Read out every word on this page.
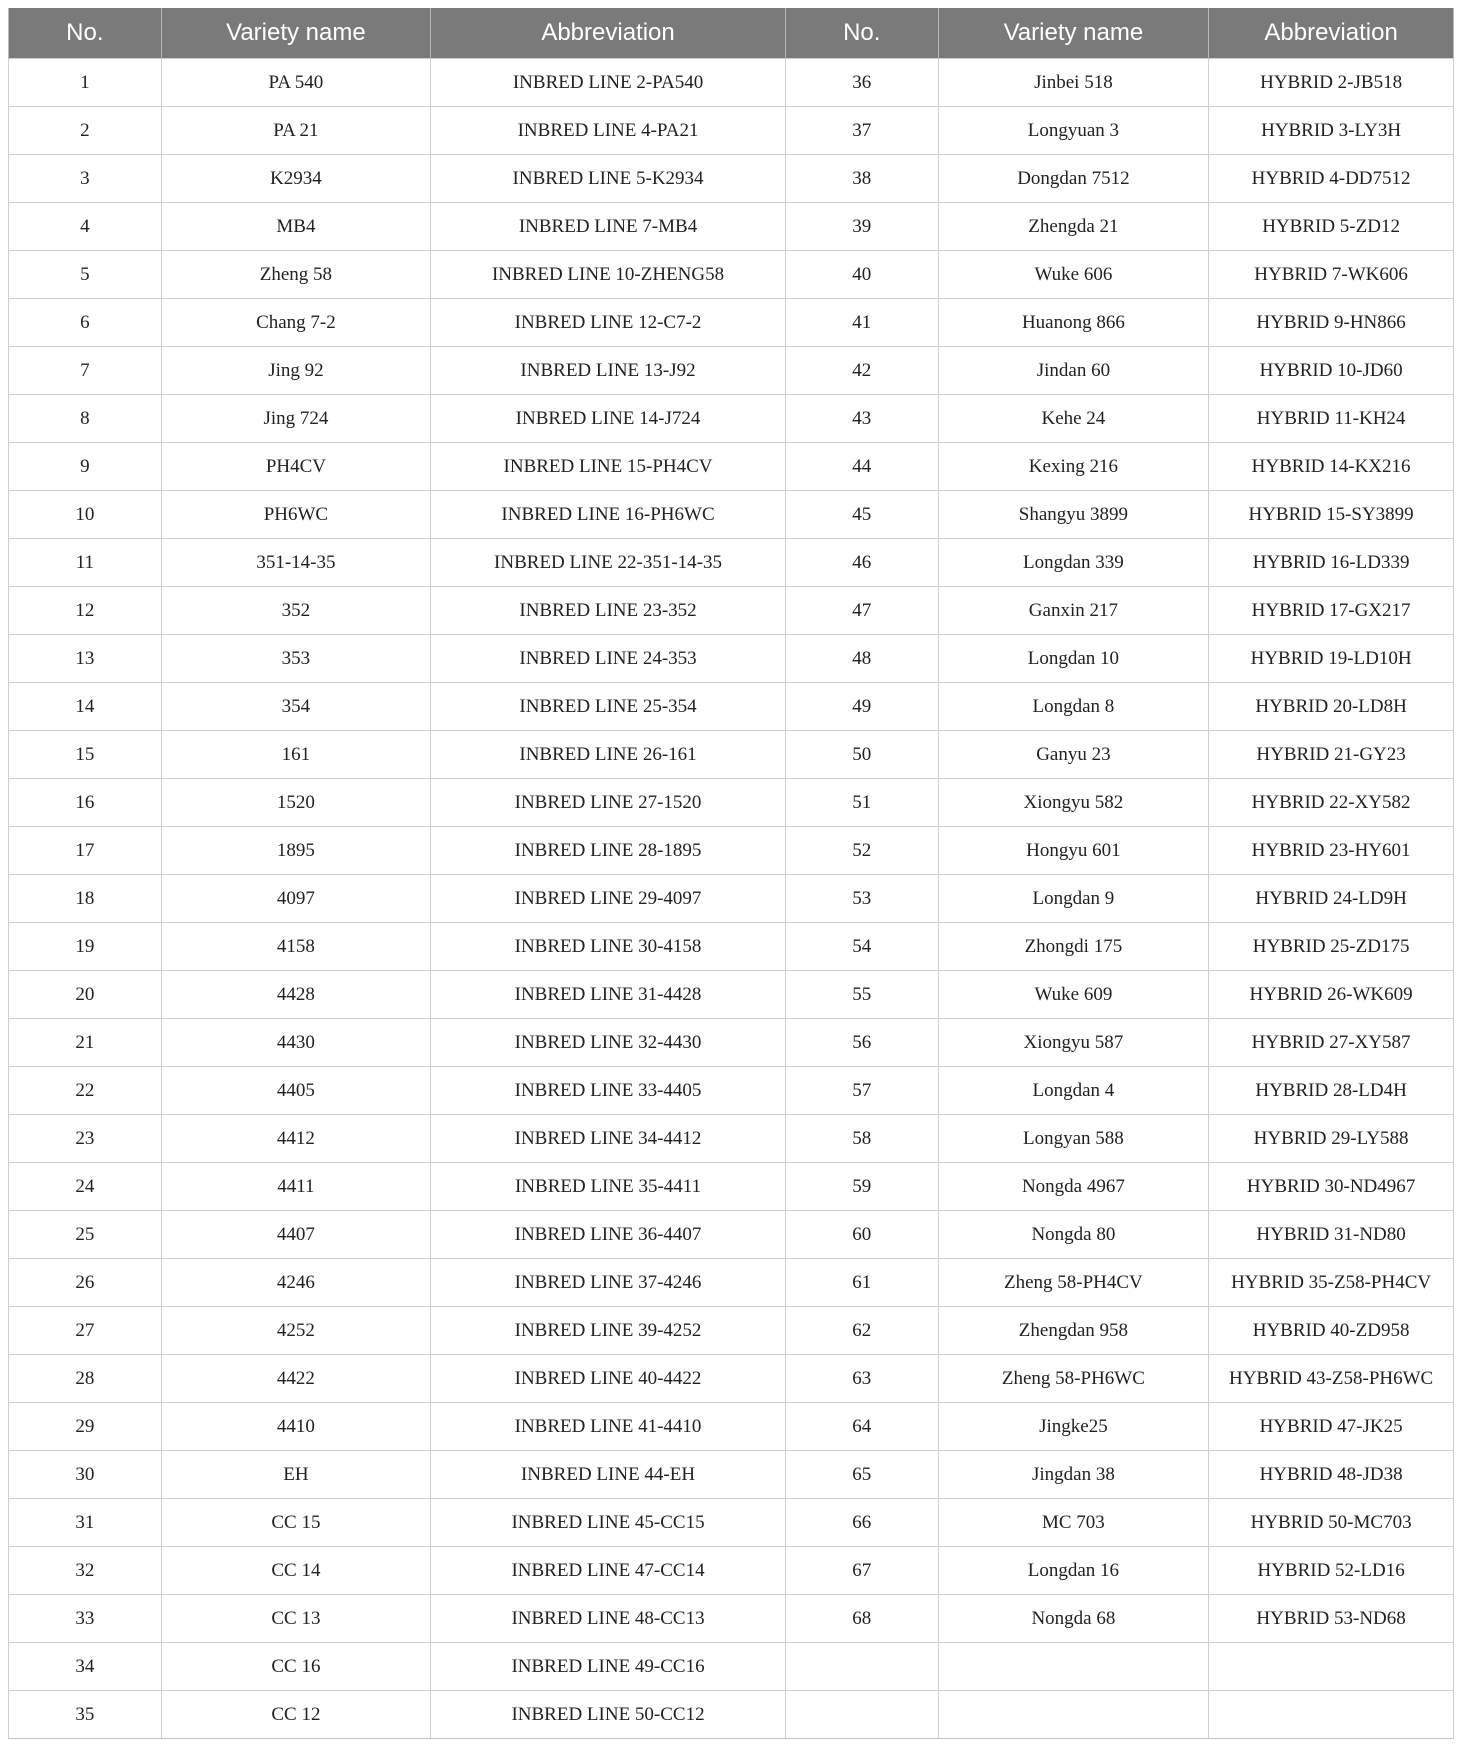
No.	Variety name	Abbreviation	No.	Variety name	Abbreviation
1	PA 540	INBRED LINE 2-PA540	36	Jinbei 518	HYBRID 2-JB518
2	PA 21	INBRED LINE 4-PA21	37	Longyuan 3	HYBRID 3-LY3H
3	K2934	INBRED LINE 5-K2934	38	Dongdan 7512	HYBRID 4-DD7512
4	MB4	INBRED LINE 7-MB4	39	Zhengda 21	HYBRID 5-ZD12
5	Zheng 58	INBRED LINE 10-ZHENG58	40	Wuke 606	HYBRID 7-WK606
6	Chang 7-2	INBRED LINE 12-C7-2	41	Huanong 866	HYBRID 9-HN866
7	Jing 92	INBRED LINE 13-J92	42	Jindan 60	HYBRID 10-JD60
8	Jing 724	INBRED LINE 14-J724	43	Kehe 24	HYBRID 11-KH24
9	PH4CV	INBRED LINE 15-PH4CV	44	Kexing 216	HYBRID 14-KX216
10	PH6WC	INBRED LINE 16-PH6WC	45	Shangyu 3899	HYBRID 15-SY3899
11	351-14-35	INBRED LINE 22-351-14-35	46	Longdan 339	HYBRID 16-LD339
12	352	INBRED LINE 23-352	47	Ganxin 217	HYBRID 17-GX217
13	353	INBRED LINE 24-353	48	Longdan 10	HYBRID 19-LD10H
14	354	INBRED LINE 25-354	49	Longdan 8	HYBRID 20-LD8H
15	161	INBRED LINE 26-161	50	Ganyu 23	HYBRID 21-GY23
16	1520	INBRED LINE 27-1520	51	Xiongyu 582	HYBRID 22-XY582
17	1895	INBRED LINE 28-1895	52	Hongyu 601	HYBRID 23-HY601
18	4097	INBRED LINE 29-4097	53	Longdan 9	HYBRID 24-LD9H
19	4158	INBRED LINE 30-4158	54	Zhongdi 175	HYBRID 25-ZD175
20	4428	INBRED LINE 31-4428	55	Wuke 609	HYBRID 26-WK609
21	4430	INBRED LINE 32-4430	56	Xiongyu 587	HYBRID 27-XY587
22	4405	INBRED LINE 33-4405	57	Longdan 4	HYBRID 28-LD4H
23	4412	INBRED LINE 34-4412	58	Longyan 588	HYBRID 29-LY588
24	4411	INBRED LINE 35-4411	59	Nongda 4967	HYBRID 30-ND4967
25	4407	INBRED LINE 36-4407	60	Nongda 80	HYBRID 31-ND80
26	4246	INBRED LINE 37-4246	61	Zheng 58-PH4CV	HYBRID 35-Z58-PH4CV
27	4252	INBRED LINE 39-4252	62	Zhengdan 958	HYBRID 40-ZD958
28	4422	INBRED LINE 40-4422	63	Zheng 58-PH6WC	HYBRID 43-Z58-PH6WC
29	4410	INBRED LINE 41-4410	64	Jingke25	HYBRID 47-JK25
30	EH	INBRED LINE 44-EH	65	Jingdan 38	HYBRID 48-JD38
31	CC 15	INBRED LINE 45-CC15	66	MC 703	HYBRID 50-MC703
32	CC 14	INBRED LINE 47-CC14	67	Longdan 16	HYBRID 52-LD16
33	CC 13	INBRED LINE 48-CC13	68	Nongda 68	HYBRID 53-ND68
34	CC 16	INBRED LINE 49-CC16			
35	CC 12	INBRED LINE 50-CC12			
